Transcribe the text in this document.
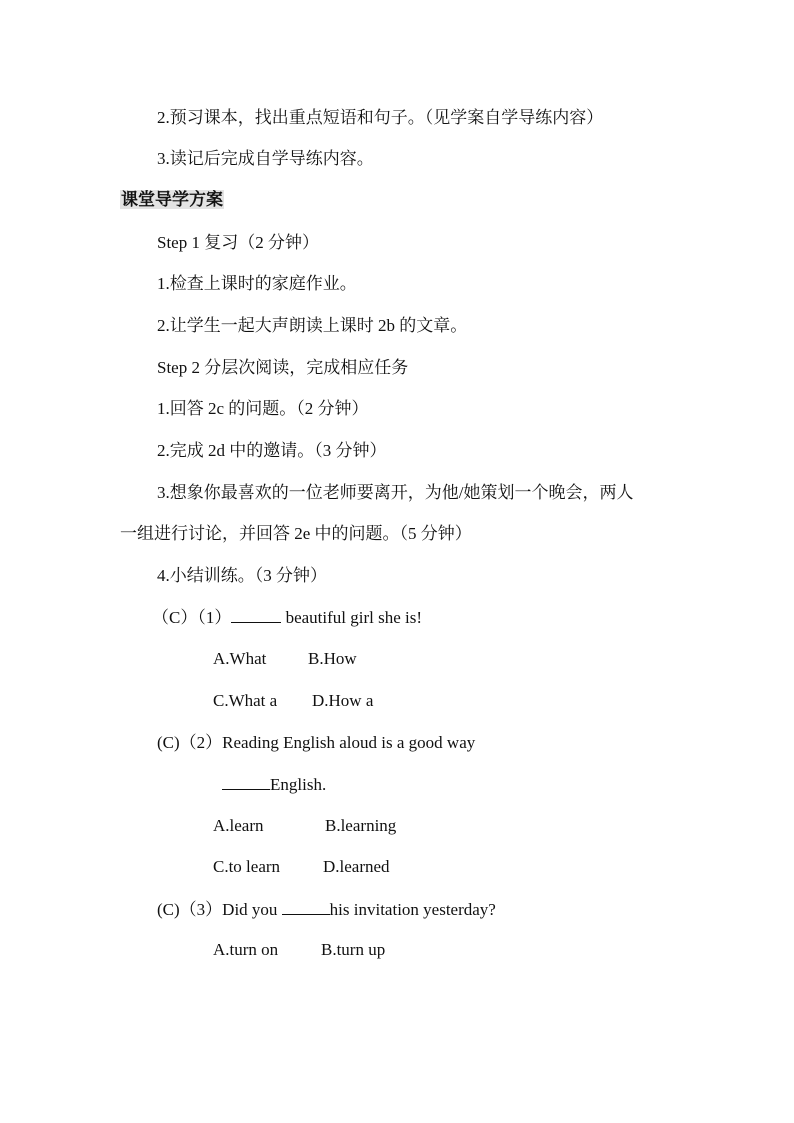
2.预习课本，找出重点短语和句子。（见学案自学导练内容）
3.读记后完成自学导练内容。
课堂导学方案
Step 1 复习（2 分钟）
1.检查上课时的家庭作业。
2.让学生一起大声朗读上课时 2b 的文章。
Step 2 分层次阅读，完成相应任务
1.回答 2c 的问题。（2 分钟）
2.完成 2d 中的邀请。（3 分钟）
3.想象你最喜欢的一位老师要离开，为他/她策划一个晚会，两人
一组进行讨论，并回答 2e 中的问题。（5 分钟）
4.小结训练。（3 分钟）
（C）（1）	beautiful girl she is!
A.What B.How
C.What a D.How a
(C)（2）Reading English aloud is a good way
English.
A.learn	B.learning
C.to learn	D.learned
(C)（3）Did you	his invitation yesterday?
A.turn on	B.turn up
